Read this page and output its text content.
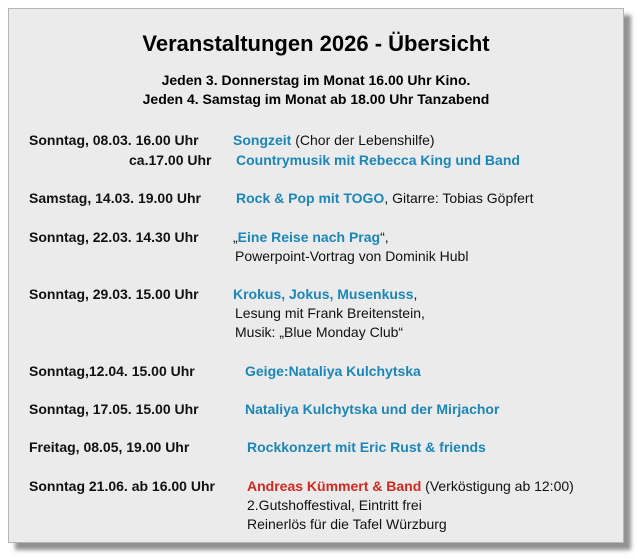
Veranstaltungen 2026 - Übersicht
Jeden 3. Donnerstag im Monat 16.00 Uhr Kino.
Jeden 4. Samstag im Monat ab 18.00 Uhr Tanzabend
Sonntag, 08.03. 16.00 Uhr Songzeit (Chor der Lebenshilfe)
ca.17.00 Uhr Countrymusik mit Rebecca King und Band
Samstag, 14.03. 19.00 Uhr	Rock & Pop mit TOGO, Gitarre: Tobias Göpfert
Sonntag, 22.03. 14.30 Uhr „Eine Reise nach Prag“,
Powerpoint-Vortrag von Dominik Hubl
Sonntag, 29.03. 15.00 Uhr Krokus, Jokus, Musenkuss,
Lesung mit Frank Breitenstein,
Musik: „Blue Monday Club“
Sonntag,12.04. 15.00 Uhr	Geige:Nataliya Kulchytska
Sonntag, 17.05. 15.00 Uhr	Nataliya Kulchytska und der Mirjachor
Freitag, 08.05, 19.00 Uhr	Rockkonzert mit Eric Rust & friends
Sonntag 21.06. ab 16.00 Uhr Andreas Kümmert & Band (Verköstigung ab 12:00)
2.Gutshoffestival, Eintritt frei
Reinerlös für die Tafel Würzburg
